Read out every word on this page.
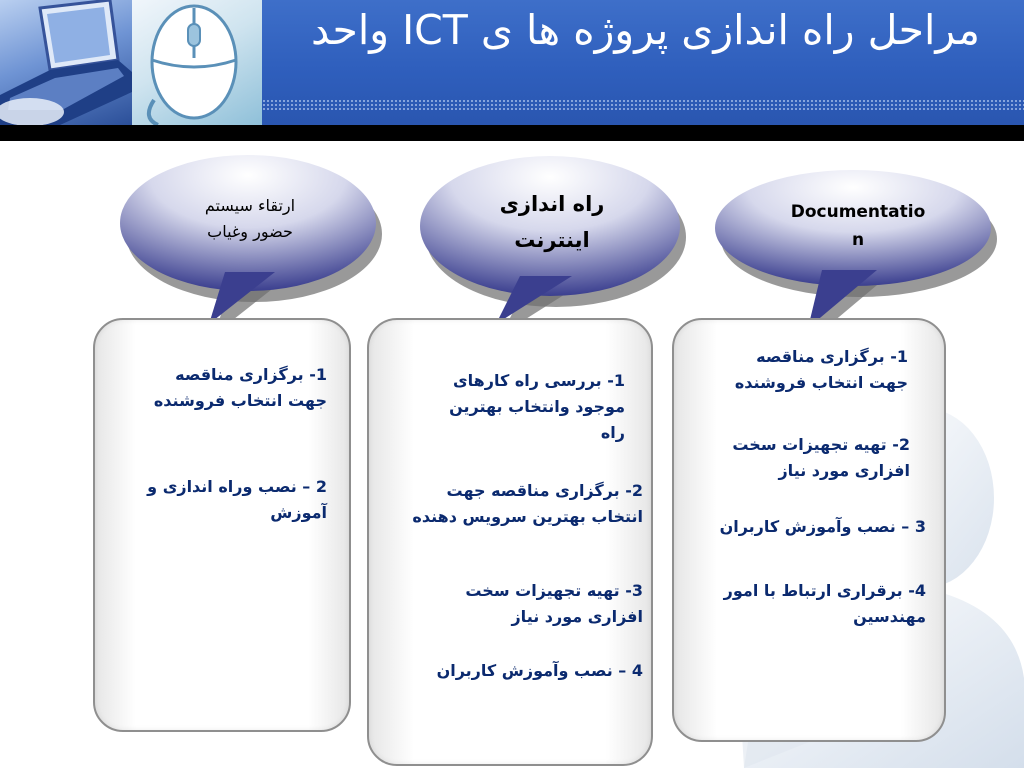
مراحل راه اندازی پروژه ها ی ICT واحد
ارتقاء سیستم
حضور وغیاب
راه اندازی
اینترنت
Documentatio
n
1- برگزاری مناقصه جهت انتخاب فروشنده
2 – نصب وراه اندازی و آموزش
1- بررسی راه کارهای موجود وانتخاب بهترین راه
2- برگزاری مناقصه جهت انتخاب بهترین سرویس دهنده
3- تهیه تجهیزات سخت افزاری مورد نیاز
4 – نصب وآموزش کاربران
1- برگزاری مناقصه جهت انتخاب فروشنده
2- تهیه تجهیزات سخت افزاری مورد نیاز
3 – نصب وآموزش کاربران
4- برقراری ارتباط با امور مهندسین
